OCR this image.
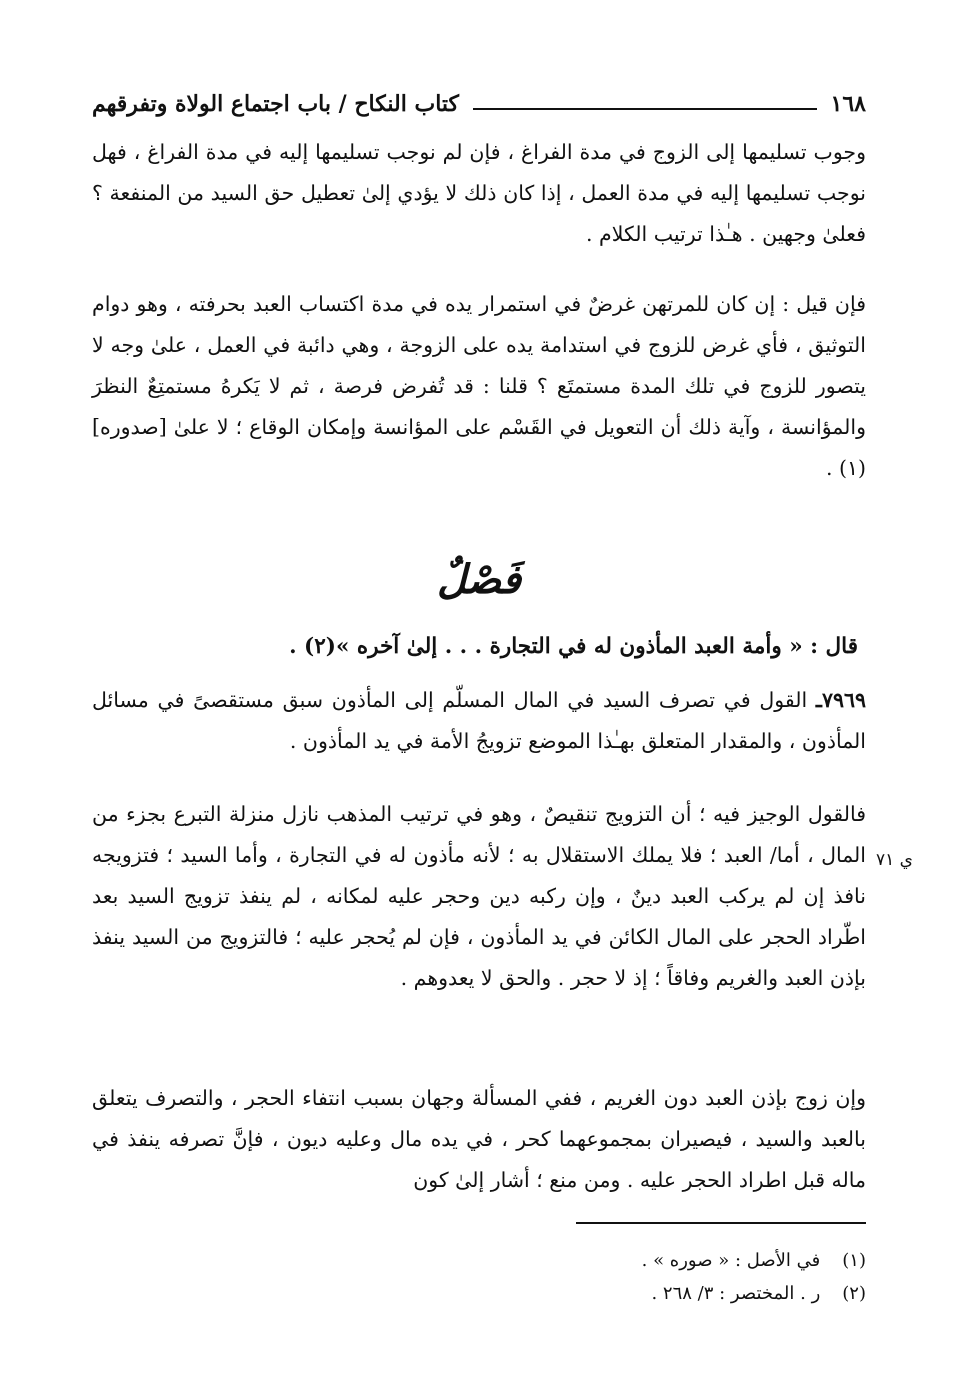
١٦٨
كتاب النكاح / باب اجتماع الولاة وتفرقهم
وجوب تسليمها إلى الزوج في مدة الفراغ ، فإن لم نوجب تسليمها إليه في مدة الفراغ ، فهل نوجب تسليمها إليه في مدة العمل ، إذا كان ذلك لا يؤدي إلىٰ تعطيل حق السيد من المنفعة ؟ فعلىٰ وجهين . هـٰذا ترتيب الكلام .
فإن قيل : إن كان للمرتهن غرضٌ في استمرار يده في مدة اكتساب العبد بحرفته ، وهو دوام التوثيق ، فأي غرض للزوج في استدامة يده على الزوجة ، وهي دائبة في العمل ، علىٰ وجه لا يتصور للزوج في تلك المدة مستمتَع ؟ قلنا : قد تُفرض فرصة ، ثم لا يَكرهُ مستمتِعٌ النظرَ والمؤانسة ، وآية ذلك أن التعويل في القَسْم على المؤانسة وإمكان الوقاع ؛ لا علىٰ [صدوره](١) .
فَصْلٌ
قال : « وأمة العبد المأذون له في التجارة . . . إلىٰ آخره »(٢) .
٧٩٦٩ـ القول في تصرف السيد في المال المسلّم إلى المأذون سبق مستقصىً في مسائل المأذون ، والمقدار المتعلق بهـٰذا الموضع تزويجُ الأمة في يد المأذون .
فالقول الوجيز فيه ؛ أن التزويج تنقيصٌ ، وهو في ترتيب المذهب نازل منزلة التبرع بجزء من المال ، أما/ العبد ؛ فلا يملك الاستقلال به ؛ لأنه مأذون له في التجارة ، وأما السيد ؛ فتزويجه نافذ إن لم يركب العبد دينٌ ، وإن ركبه دين وحجر عليه لمكانه ، لم ينفذ تزويج السيد بعد اطّراد الحجر على المال الكائن في يد المأذون ، فإن لم يُحجر عليه ؛ فالتزويج من السيد ينفذ بإذن العبد والغريم وفاقاً ؛ إذ لا حجر . والحق لا يعدوهم .
ي ٧١
وإن زوج بإذن العبد دون الغريم ، ففي المسألة وجهان بسبب انتفاء الحجر ، والتصرف يتعلق بالعبد والسيد ، فيصيران بمجموعهما كحر ، في يده مال وعليه ديون ، فإنَّ تصرفه ينفذ في ماله قبل اطراد الحجر عليه . ومن منع ؛ أشار إلىٰ كون
(١) في الأصل : « صوره » .
(٢) ر . المختصر : ٣/ ٢٦٨ .
